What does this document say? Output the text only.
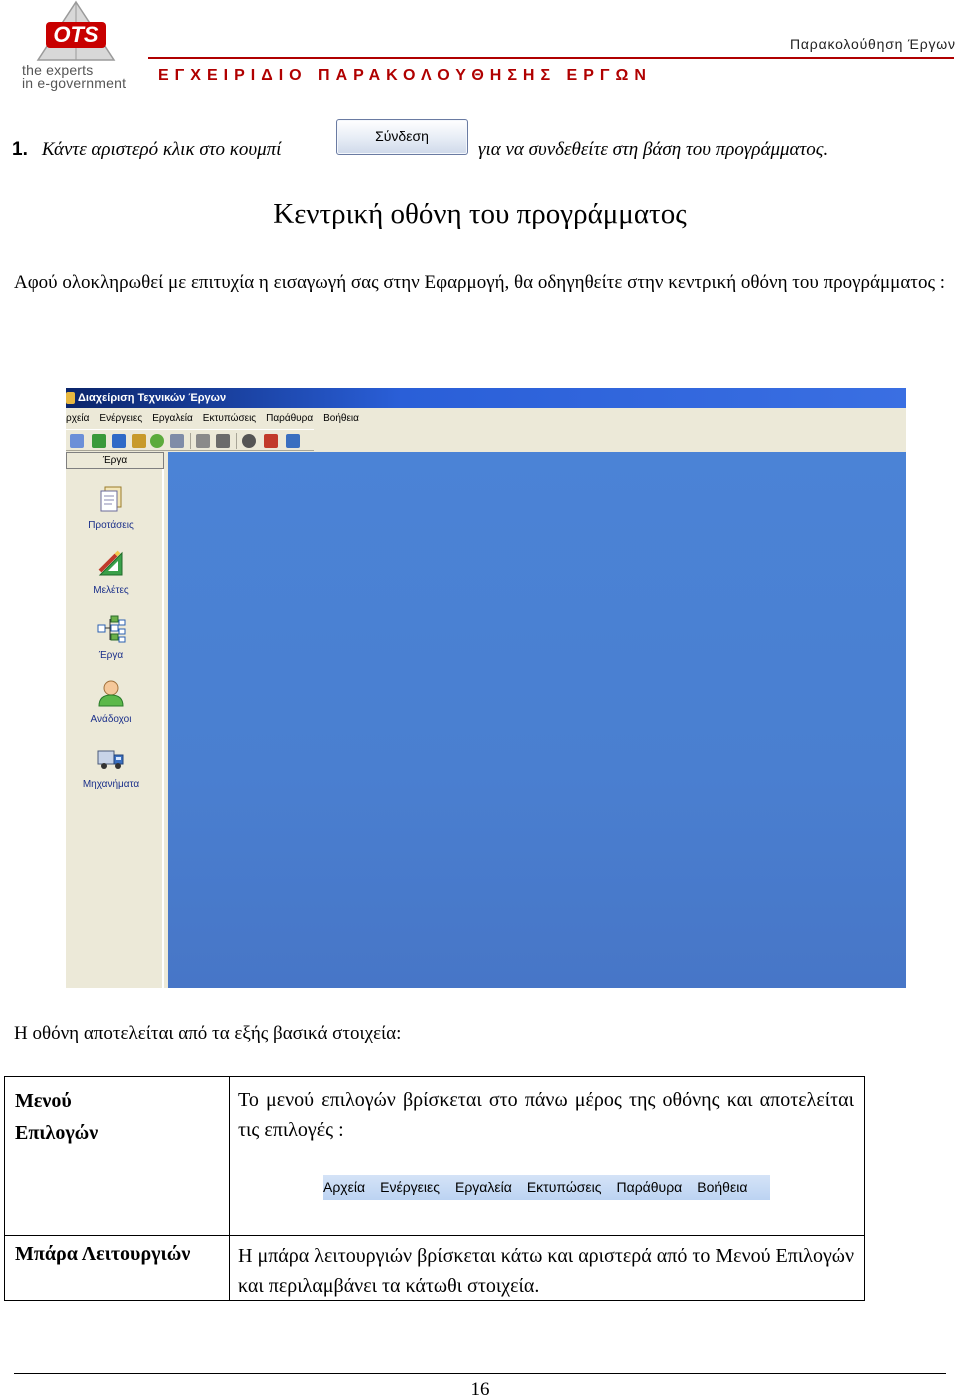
OTS
the experts
in e-government
Παρακολούθηση Έργων
ΕΓΧΕΙΡΙΔΙΟ ΠΑΡΑΚΟΛΟΥΘΗΣΗΣ ΕΡΓΩΝ
1. Κάντε αριστερό κλικ στο κουμπί
Σύνδεση
για να συνδεθείτε στη βάση του προγράμματος.
Κεντρική οθόνη του προγράμματος
Αφού ολοκληρωθεί με επιτυχία η εισαγωγή σας στην Εφαρμογή, θα οδηγηθείτε στην κεντρική οθόνη του προγράμματος :
Διαχείριση Τεχνικών Έργων
ρχεία Ενέργειες Εργαλεία Εκτυπώσεις Παράθυρα Βοήθεια
Έργα
Προτάσεις
Μελέτες
Έργα
Ανάδοχοι
Μηχανήματα
Η οθόνη αποτελείται από τα εξής βασικά στοιχεία:
Μενού
Επιλογών
Το μενού επιλογών βρίσκεται στο πάνω μέρος της οθόνης και αποτελείται τις επιλογές :
Αρχεία Ενέργειες Εργαλεία Εκτυπώσεις Παράθυρα Βοήθεια
Μπάρα Λειτουργιών Η μπάρα λειτουργιών βρίσκεται κάτω και αριστερά από το Μενού Επιλογών και περιλαμβάνει τα κάτωθι στοιχεία.
16
